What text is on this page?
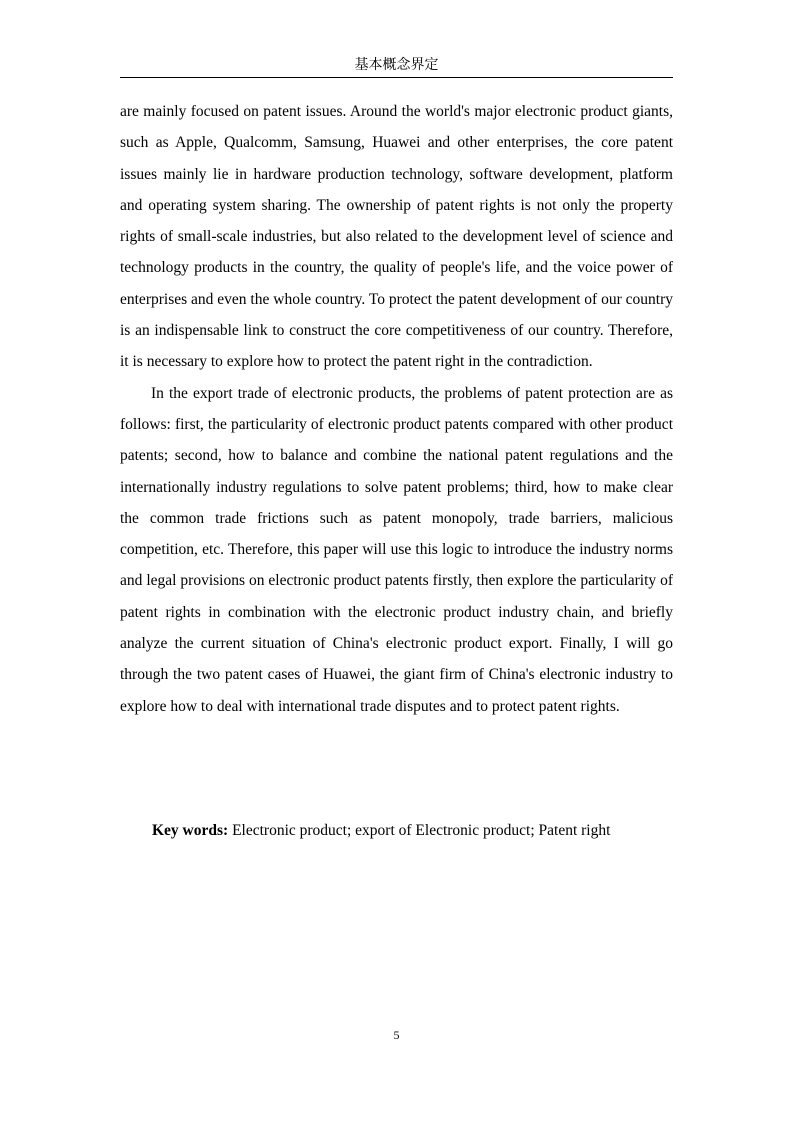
基本概念界定

are mainly focused on patent issues. Around the world's major electronic product giants, such as Apple, Qualcomm, Samsung, Huawei and other enterprises, the core patent issues mainly lie in hardware production technology, software development, platform and operating system sharing. The ownership of patent rights is not only the property rights of small-scale industries, but also related to the development level of science and technology products in the country, the quality of people's life, and the voice power of enterprises and even the whole country. To protect the patent development of our country is an indispensable link to construct the core competitiveness of our country. Therefore, it is necessary to explore how to protect the patent right in the contradiction.

In the export trade of electronic products, the problems of patent protection are as follows: first, the particularity of electronic product patents compared with other product patents; second, how to balance and combine the national patent regulations and the internationally industry regulations to solve patent problems; third, how to make clear the common trade frictions such as patent monopoly, trade barriers, malicious competition, etc. Therefore, this paper will use this logic to introduce the industry norms and legal provisions on electronic product patents firstly, then explore the particularity of patent rights in combination with the electronic product industry chain, and briefly analyze the current situation of China's electronic product export. Finally, I will go through the two patent cases of Huawei, the giant firm of China's electronic industry to explore how to deal with international trade disputes and to protect patent rights.

Key words: Electronic product; export of Electronic product; Patent right
5
